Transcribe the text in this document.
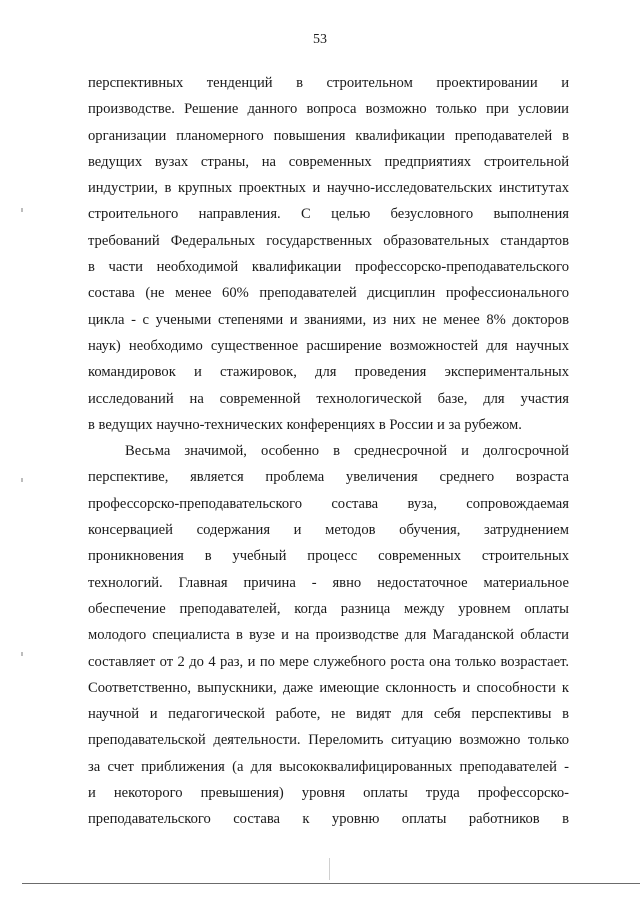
53
перспективных тенденций в строительном проектировании и
производстве. Решение данного вопроса возможно только при условии
организации планомерного повышения квалификации преподавателей в
ведущих вузах страны, на современных предприятиях строительной
индустрии, в крупных проектных и научно-исследовательских институтах
строительного направления. С целью безусловного выполнения
требований Федеральных государственных образовательных стандартов
в части необходимой квалификации профессорско-преподавательского
состава (не менее 60% преподавателей дисциплин профессионального
цикла - с учеными степенями и званиями, из них не менее 8% докторов
наук) необходимо существенное расширение возможностей для научных
командировок и стажировок, для проведения экспериментальных
исследований на современной технологической базе, для участия
в ведущих научно-технических конференциях в России и за рубежом.
Весьма значимой, особенно в среднесрочной и долгосрочной
перспективе, является проблема увеличения среднего возраста
профессорско-преподавательского состава вуза, сопровождаемая
консервацией содержания и методов обучения, затруднением
проникновения в учебный процесс современных строительных
технологий. Главная причина - явно недостаточное материальное
обеспечение преподавателей, когда разница между уровнем оплаты
молодого специалиста в вузе и на производстве для Магаданской области
составляет от 2 до 4 раз, и по мере служебного роста она только возрастает.
Соответственно, выпускники, даже имеющие склонность и способности к
научной и педагогической работе, не видят для себя перспективы в
преподавательской деятельности. Переломить ситуацию возможно только
за счет приближения (а для высококвалифицированных преподавателей -
и некоторого превышения) уровня оплаты труда профессорско-
преподавательского состава к уровню оплаты работников в
